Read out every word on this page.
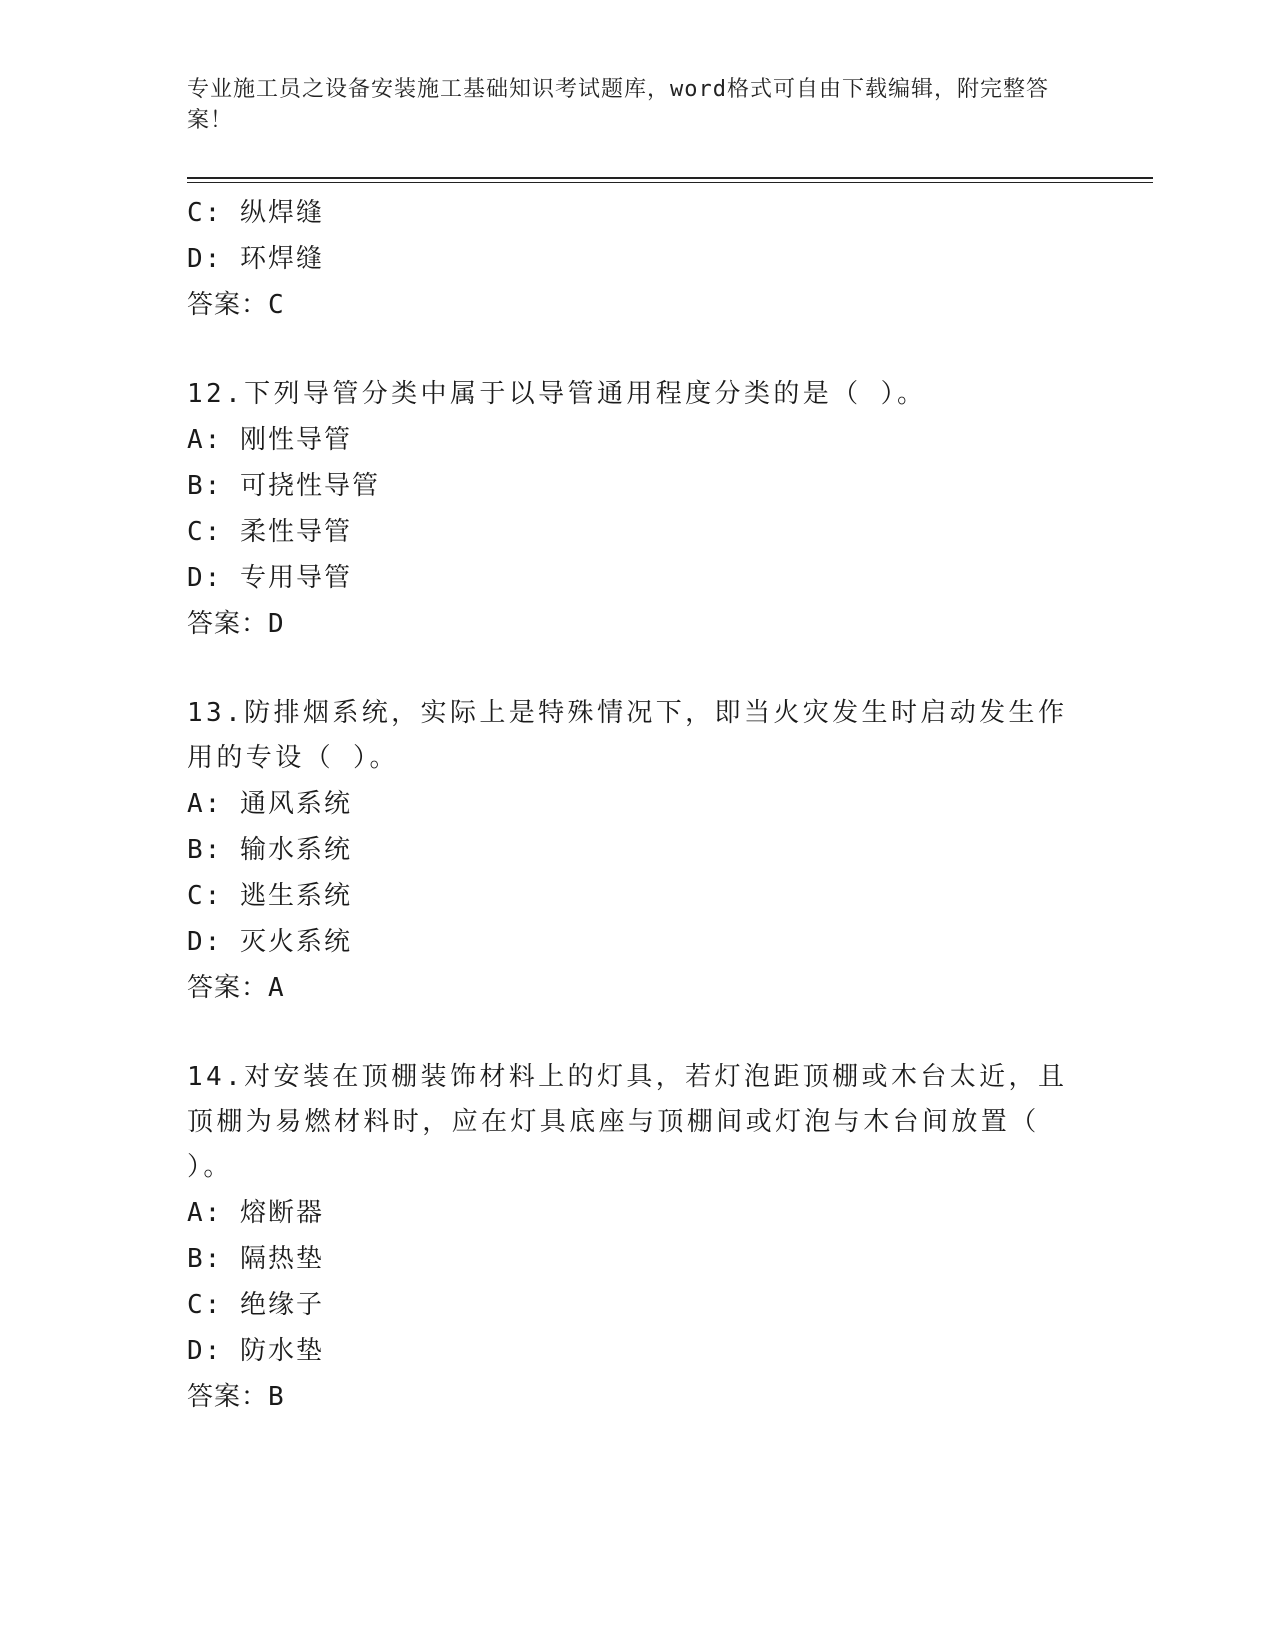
专业施工员之设备安装施工基础知识考试题库，word格式可自由下载编辑，附完整答案！
C: 纵焊缝
D: 环焊缝
答案：C
12.下列导管分类中属于以导管通用程度分类的是（ ）。
A: 刚性导管
B: 可挠性导管
C: 柔性导管
D: 专用导管
答案：D
13.防排烟系统，实际上是特殊情况下，即当火灾发生时启动发生作用的专设（ ）。
A: 通风系统
B: 输水系统
C: 逃生系统
D: 灭火系统
答案：A
14.对安装在顶棚装饰材料上的灯具，若灯泡距顶棚或木台太近，且顶棚为易燃材料时，应在灯具底座与顶棚间或灯泡与木台间放置（ ）。
A: 熔断器
B: 隔热垫
C: 绝缘子
D: 防水垫
答案：B
